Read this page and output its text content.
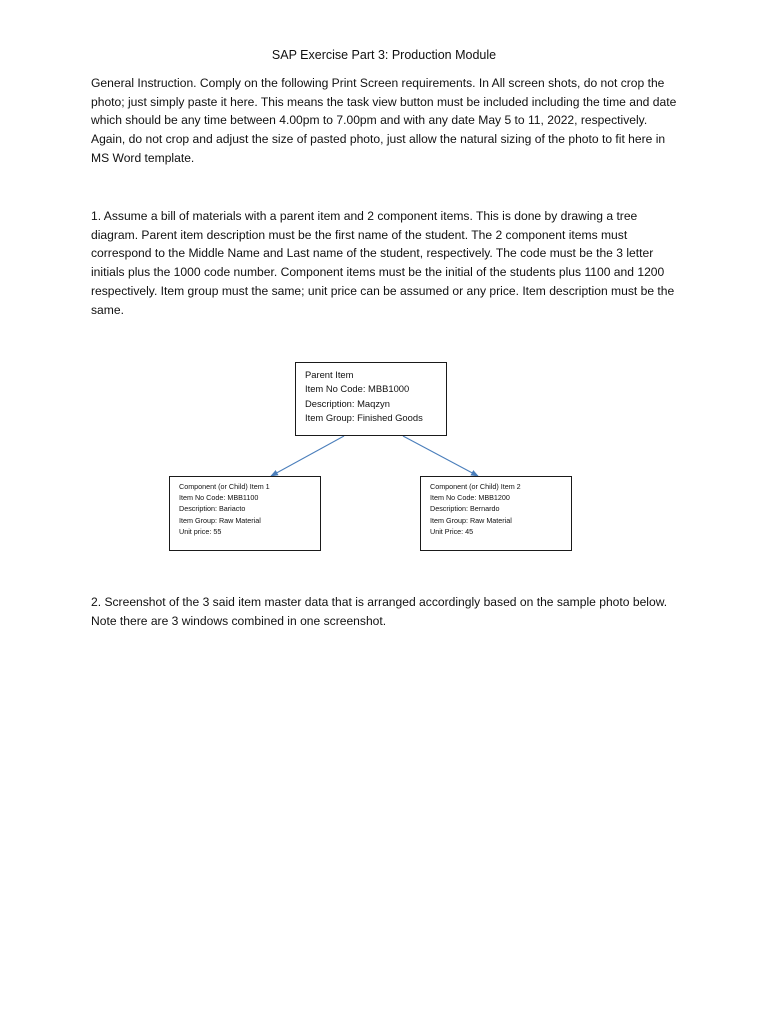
SAP Exercise Part 3: Production Module

General Instruction. Comply on the following Print Screen requirements. In All screen shots, do not crop the photo; just simply paste it here. This means the task view button must be included including the time and date which should be any time between 4.00pm to 7.00pm and with any date May 5 to 11, 2022, respectively. Again, do not crop and adjust the size of pasted photo, just allow the natural sizing of the photo to fit here in MS Word template.

1. Assume a bill of materials with a parent item and 2 component items. This is done by drawing a tree diagram. Parent item description must be the first name of the student. The 2 component items must correspond to the Middle Name and Last name of the student, respectively. The code must be the 3 letter initials plus the 1000 code number. Component items must be the initial of the students plus 1100 and 1200 respectively. Item group must the same; unit price can be assumed or any price. Item description must be the same.

Parent Item
Item No Code: MBB1000
Description: Maqzyn
Item Group: Finished Goods
Component (or Child) Item 1
Item No Code: MBB1100
Description: Bariacto
Item Group: Raw Material
Unit price: 55
Component (or Child) Item 2
Item No Code: MBB1200
Description: Bernardo
Item Group: Raw Material
Unit Price: 45

2. Screenshot of the 3 said item master data that is arranged accordingly based on the sample photo below. Note there are 3 windows combined in one screenshot.
